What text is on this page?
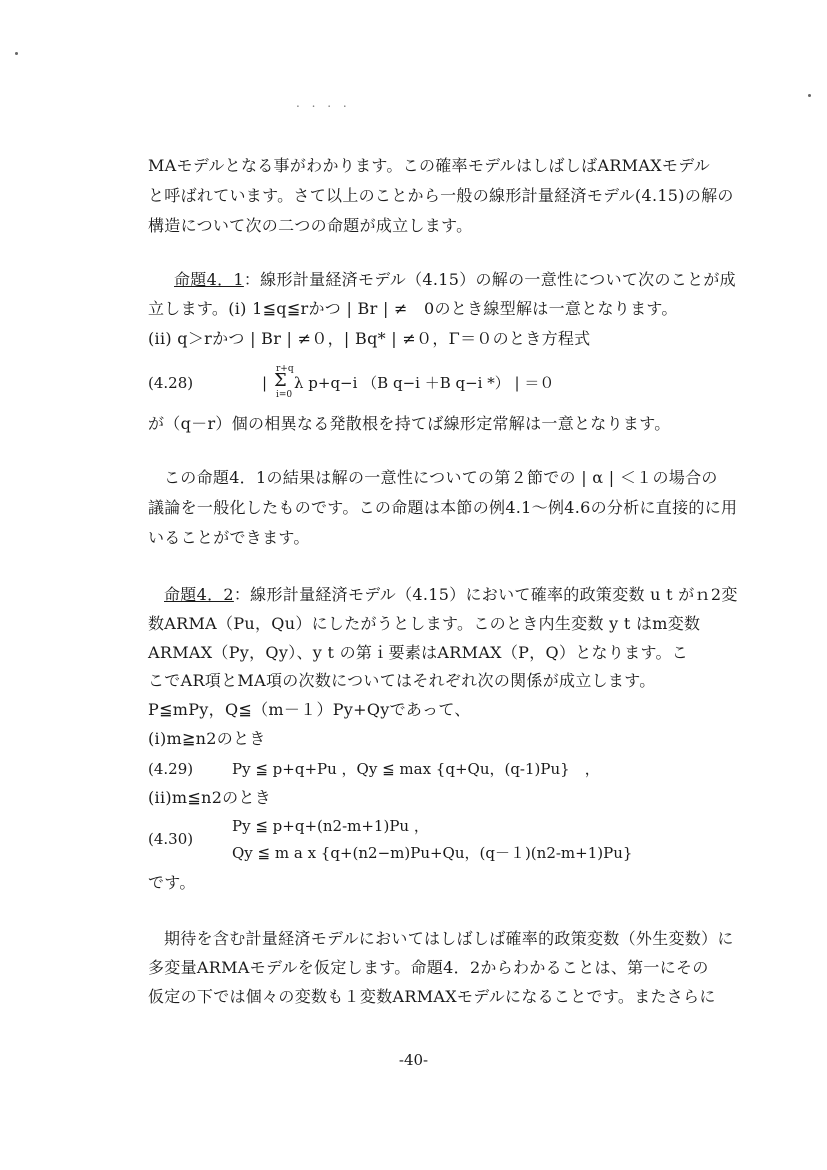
. . . .
MAモデルとなる事がわかります。この確率モデルはしばしばARMAXモデル
と呼ばれています。さて以上のことから一般の線形計量経済モデル(4.15)の解の
構造について次の二つの命題が成立します。
命題4．1：線形計量経済モデル（4.15）の解の一意性について次のことが成
立します。(i) 1≦q≦rかつ | Br | ≠　0のとき線型解は一意となります。
(ii) q＞rかつ | Br | ≠０，| Bq* | ≠０，Γ＝０のとき方程式
(4.28)	|
r+q
Σ
i=0
λ p+q−i （B q−i ＋B q−i *） | ＝０
が（q－r）個の相異なる発散根を持てば線形定常解は一意となります。
この命題4．1の結果は解の一意性についての第２節での | α | ＜１の場合の
議論を一般化したものです。この命題は本節の例4.1～例4.6の分析に直接的に用
いることができます。
命題4．2：線形計量経済モデル（4.15）において確率的政策変数 u t がｎ2変
数ARMA（Pu，Qu）にしたがうとします。このとき内生変数 y t はm変数
ARMAX（Py，Qy）、y t の第ｉ要素はARMAX（P，Q）となります。こ
こでAR項とMA項の次数についてはそれぞれ次の関係が成立します。
P≦mPy，Q≦（m－１）Py+Qyであって、
(i)m≧n2のとき
(4.29)	Py ≦ p+q+Pu ，Qy ≦ max {q+Qu，(q-1)Pu}　，
(ii)m≦n2のとき
(4.30)
Py ≦ p+q+(n2-m+1)Pu ，
Qy ≦ m a x {q+(n2−m)Pu+Qu，(q－１)(n2-m+1)Pu}
です。
期待を含む計量経済モデルにおいてはしばしば確率的政策変数（外生変数）に
多変量ARMAモデルを仮定します。命題4．2からわかることは、第一にその
仮定の下では個々の変数も１変数ARMAXモデルになることです。またさらに
-40-
